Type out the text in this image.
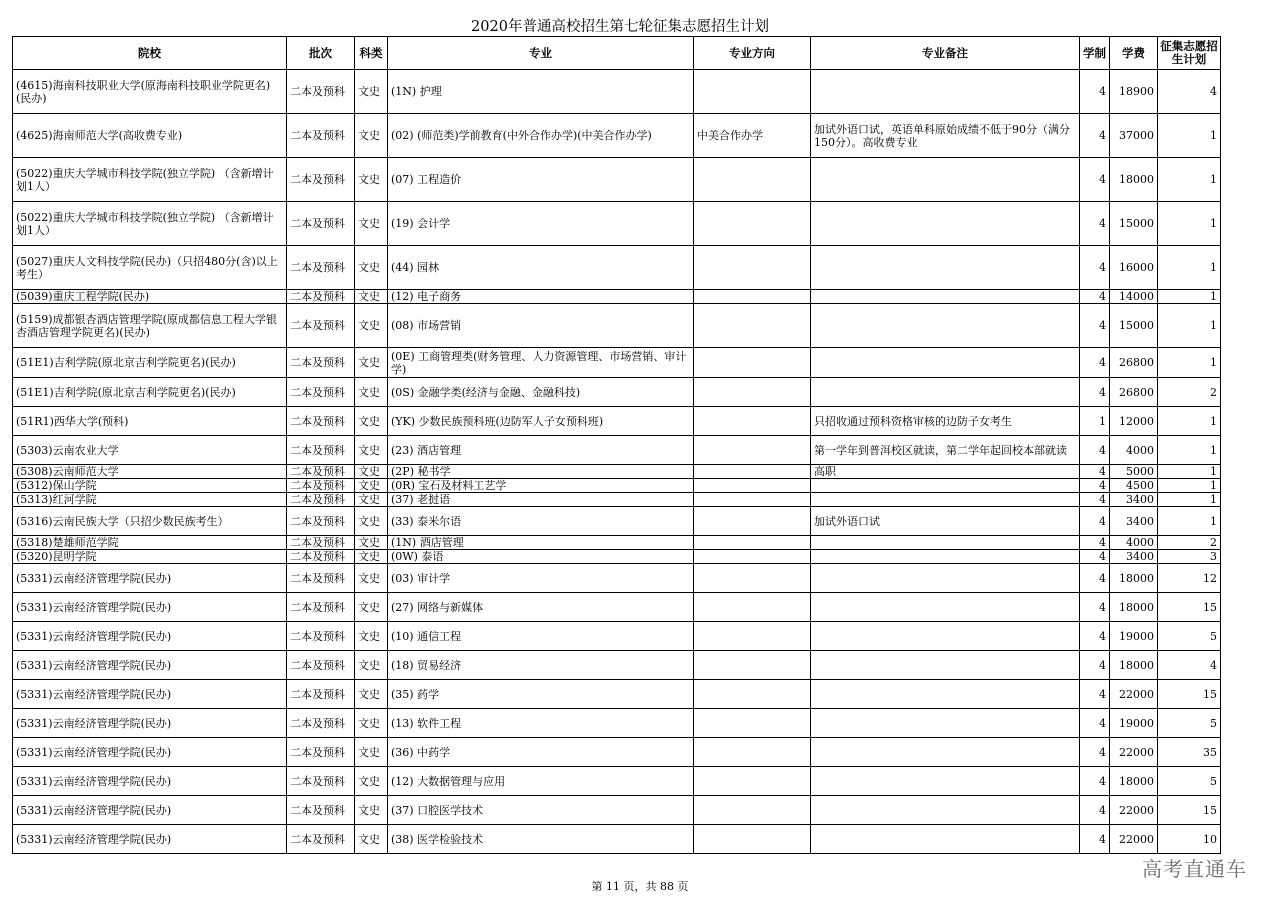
2020年普通高校招生第七轮征集志愿招生计划
院校	批次	科类	专业	专业方向	专业备注	学制	学费	征集志愿招生计划
(4615)海南科技职业大学(原海南科技职业学院更名)(民办)	二本及预科	文史	(1N) 护理			4	18900	4
(4625)海南师范大学(高收费专业)	二本及预科	文史	(02) (师范类)学前教育(中外合作办学)(中美合作办学)	中美合作办学	加试外语口试，英语单科原始成绩不低于90分（满分150分）。高收费专业	4	37000	1
(5022)重庆大学城市科技学院(独立学院) （含新增计划1人）	二本及预科	文史	(07) 工程造价			4	18000	1
(5022)重庆大学城市科技学院(独立学院) （含新增计划1人）	二本及预科	文史	(19) 会计学			4	15000	1
(5027)重庆人文科技学院(民办)（只招480分(含)以上考生）	二本及预科	文史	(44) 园林			4	16000	1
(5039)重庆工程学院(民办)	二本及预科	文史	(12) 电子商务			4	14000	1
(5159)成都银杏酒店管理学院(原成都信息工程大学银杏酒店管理学院更名)(民办)	二本及预科	文史	(08) 市场营销			4	15000	1
(51E1)吉利学院(原北京吉利学院更名)(民办)	二本及预科	文史	(0E) 工商管理类(财务管理、人力资源管理、市场营销、审计学)			4	26800	1
(51E1)吉利学院(原北京吉利学院更名)(民办)	二本及预科	文史	(0S) 金融学类(经济与金融、金融科技)			4	26800	2
(51R1)西华大学(预科)	二本及预科	文史	(YK) 少数民族预科班(边防军人子女预科班)		只招收通过预科资格审核的边防子女考生	1	12000	1
(5303)云南农业大学	二本及预科	文史	(23) 酒店管理		第一学年到普洱校区就读，第二学年起回校本部就读	4	4000	1
(5308)云南师范大学	二本及预科	文史	(2P) 秘书学		高职	4	5000	1
(5312)保山学院	二本及预科	文史	(0R) 宝石及材料工艺学			4	4500	1
(5313)红河学院	二本及预科	文史	(37) 老挝语			4	3400	1
(5316)云南民族大学（只招少数民族考生）	二本及预科	文史	(33) 泰米尔语		加试外语口试	4	3400	1
(5318)楚雄师范学院	二本及预科	文史	(1N) 酒店管理			4	4000	2
(5320)昆明学院	二本及预科	文史	(0W) 泰语			4	3400	3
(5331)云南经济管理学院(民办)	二本及预科	文史	(03) 审计学			4	18000	12
(5331)云南经济管理学院(民办)	二本及预科	文史	(27) 网络与新媒体			4	18000	15
(5331)云南经济管理学院(民办)	二本及预科	文史	(10) 通信工程			4	19000	5
(5331)云南经济管理学院(民办)	二本及预科	文史	(18) 贸易经济			4	18000	4
(5331)云南经济管理学院(民办)	二本及预科	文史	(35) 药学			4	22000	15
(5331)云南经济管理学院(民办)	二本及预科	文史	(13) 软件工程			4	19000	5
(5331)云南经济管理学院(民办)	二本及预科	文史	(36) 中药学			4	22000	35
(5331)云南经济管理学院(民办)	二本及预科	文史	(12) 大数据管理与应用			4	18000	5
(5331)云南经济管理学院(民办)	二本及预科	文史	(37) 口腔医学技术			4	22000	15
(5331)云南经济管理学院(民办)	二本及预科	文史	(38) 医学检验技术			4	22000	10
高考直通车
第 11 页，共 88 页
